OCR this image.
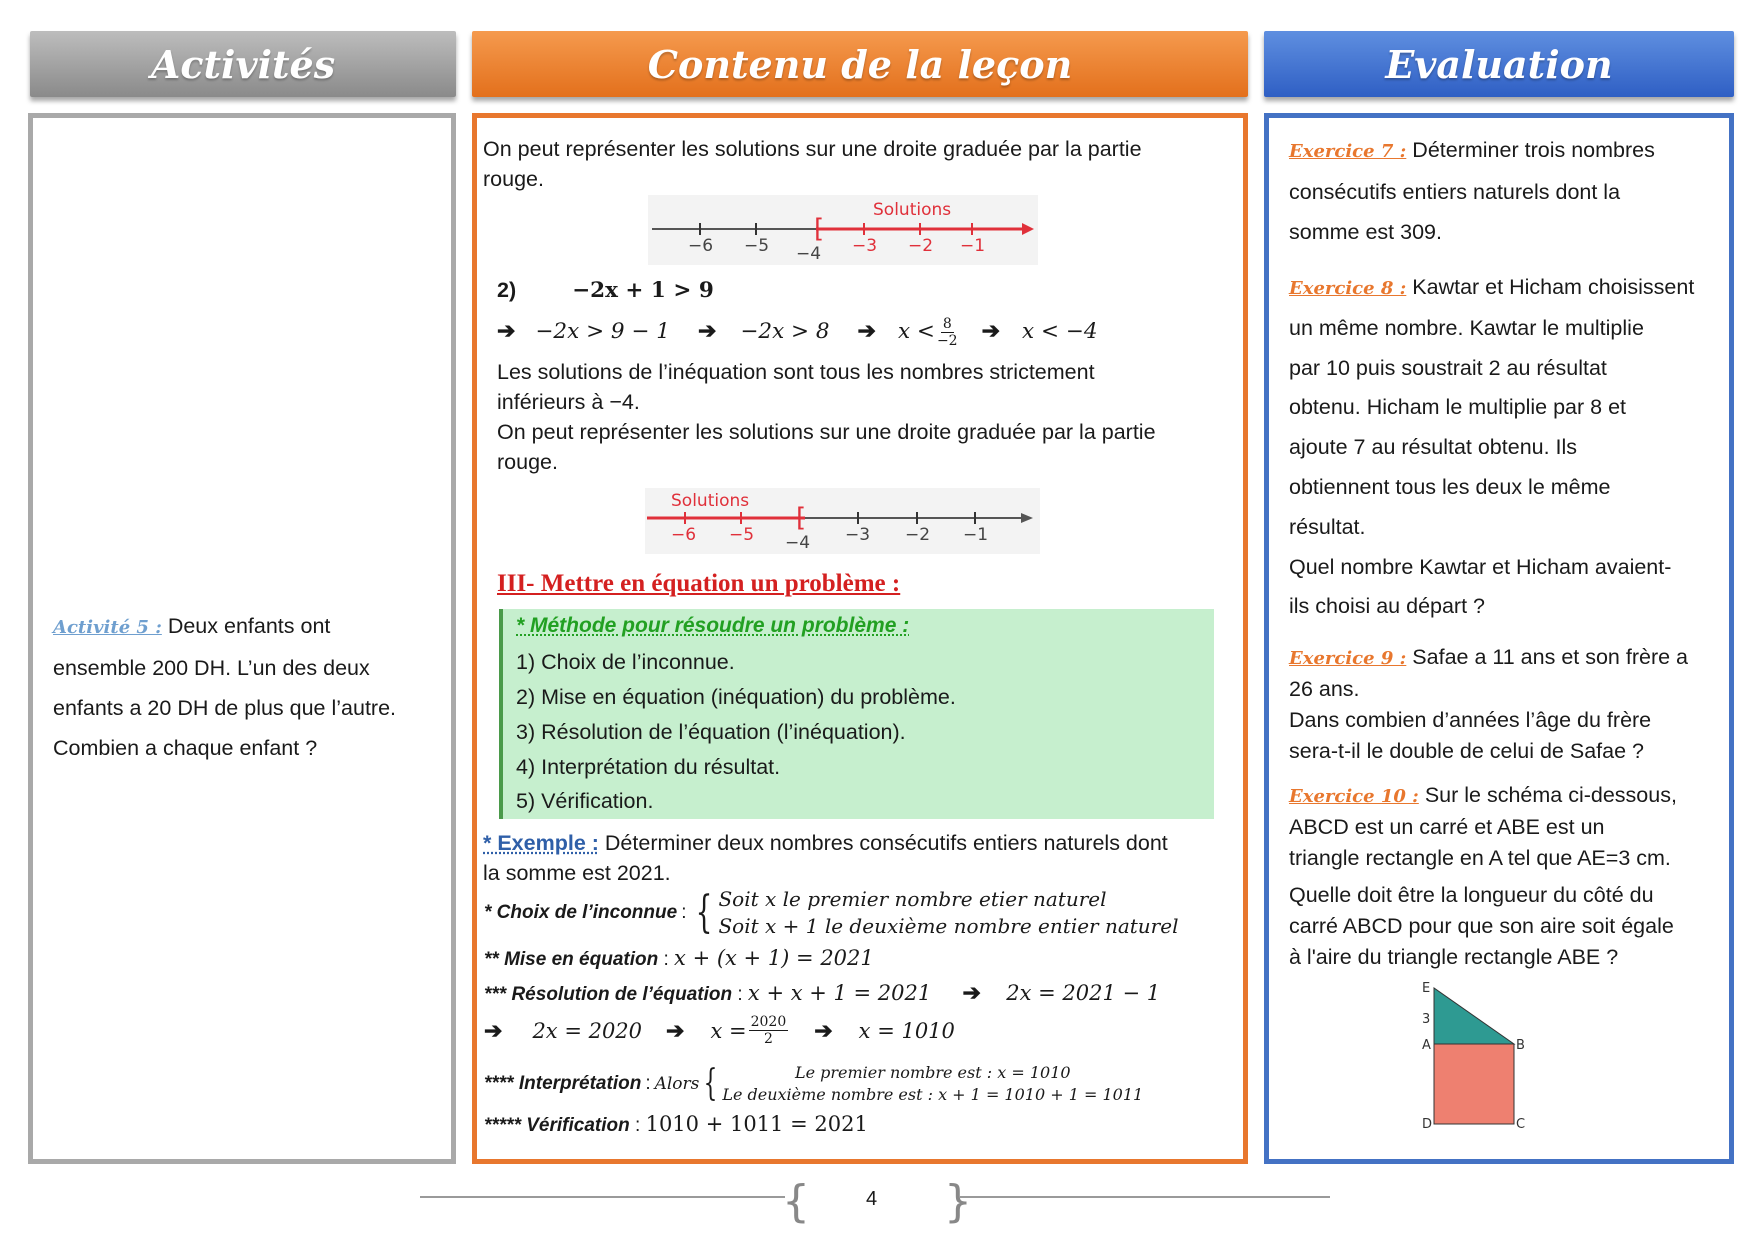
Activités	Contenu de la leçon	Evaluation
Activité 5 : Deux enfants ont
ensemble 200 DH. L’un des deux
enfants a 20 DH de plus que l’autre.
Combien a chaque enfant ?
On peut représenter les solutions sur une droite graduée par la partie
rouge.
[
Solutions
−6 −5 −4 −3 −2 −1
2)	−2x + 1 > 9
➔ −2x > 9 − 1 ➔ −2x > 8 ➔ $x < \frac{8}{-2}$ ➔ x < −4
Les solutions de l’inéquation sont tous les nombres strictement
inférieurs à −4.
On peut représenter les solutions sur une droite graduée par la partie
rouge.
[
Solutions
−6 −5 −4 −3 −2 −1
III- Mettre en équation un problème :
* Méthode pour résoudre un problème :
1) Choix de l’inconnue.
2) Mise en équation (inéquation) du problème.
3) Résolution de l’équation (l’inéquation).
4) Interprétation du résultat.
5) Vérification.
* Exemple : Déterminer deux nombres consécutifs entiers naturels dont
la somme est 2021.
* Choix de l’inconnue : { Soit x le premier nombre etier naturel
Soit x + 1 le deuxième nombre entier naturel
** Mise en équation : x + (x + 1) = 2021
*** Résolution de l’équation : x + x + 1 = 2021 ➔ 2x = 2021 − 1
➔ 2x = 2020 ➔ $x = \frac{2020}{2}$ ➔ x = 1010
**** Interprétation : Alors {	Le premier nombre est : x = 1010
Le deuxième nombre est : x + 1 = 1010 + 1 = 1011
***** Vérification : 1010 + 1011 = 2021
Exercice 7 : Déterminer trois nombres
consécutifs entiers naturels dont la
somme est 309.
Exercice 8 : Kawtar et Hicham choisissent
un même nombre. Kawtar le multiplie
par 10 puis soustrait 2 au résultat
obtenu. Hicham le multiplie par 8 et
ajoute 7 au résultat obtenu. Ils
obtiennent tous les deux le même
résultat.
Quel nombre Kawtar et Hicham avaient-
ils choisi au départ ?
Exercice 9 : Safae a 11 ans et son frère a
26 ans.
Dans combien d’années l’âge du frère
sera-t-il le double de celui de Safae ?
Exercice 10 : Sur le schéma ci-dessous,
ABCD est un carré et ABE est un
triangle rectangle en A tel que AE=3 cm.
Quelle doit être la longueur du côté du
carré ABCD pour que son aire soit égale
à l'aire du triangle rectangle ABE ?
E
3
A	B
C
D
{	}
4
